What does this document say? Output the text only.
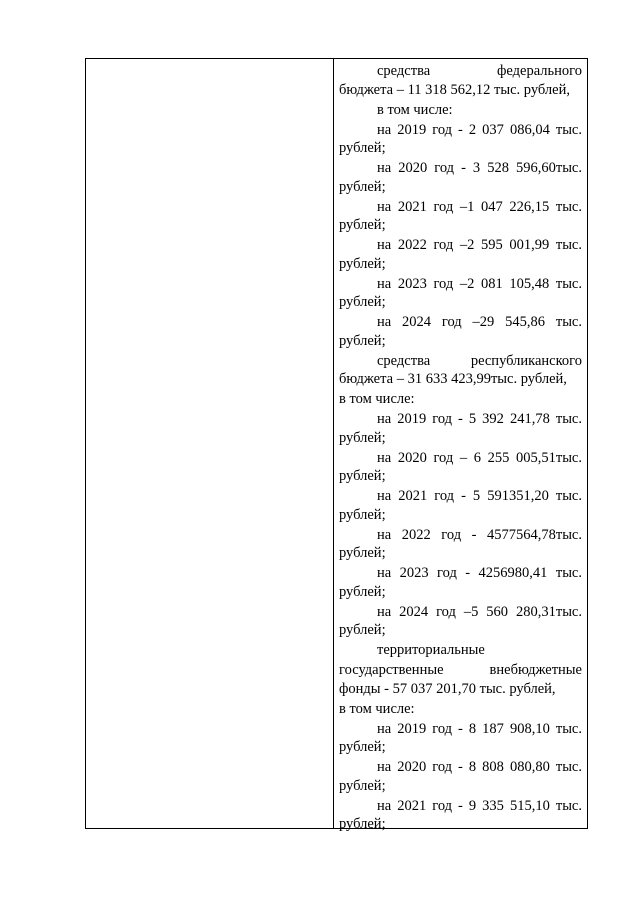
средства федерального
бюджета – 11 318 562,12 тыс. рублей,
в том числе:
на 2019 год - 2 037 086,04 тыс.
рублей;
на 2020 год - 3 528 596,60тыс.
рублей;
на 2021 год –1 047 226,15 тыс.
рублей;
на 2022 год –2 595 001,99 тыс.
рублей;
на 2023 год –2 081 105,48 тыс.
рублей;
на 2024 год –29 545,86 тыс.
рублей;
средства республиканского
бюджета – 31 633 423,99тыс. рублей,
в том числе:
на 2019 год - 5 392 241,78 тыс.
рублей;
на 2020 год – 6 255 005,51тыс.
рублей;
на 2021 год - 5 591351,20 тыс.
рублей;
на 2022 год - 4577564,78тыс.
рублей;
на 2023 год - 4256980,41 тыс.
рублей;
на 2024 год –5 560 280,31тыс.
рублей;
территориальные
государственные внебюджетные
фонды - 57 037 201,70 тыс. рублей,
в том числе:
на 2019 год - 8 187 908,10 тыс.
рублей;
на 2020 год - 8 808 080,80 тыс.
рублей;
на 2021 год - 9 335 515,10 тыс.
рублей;
